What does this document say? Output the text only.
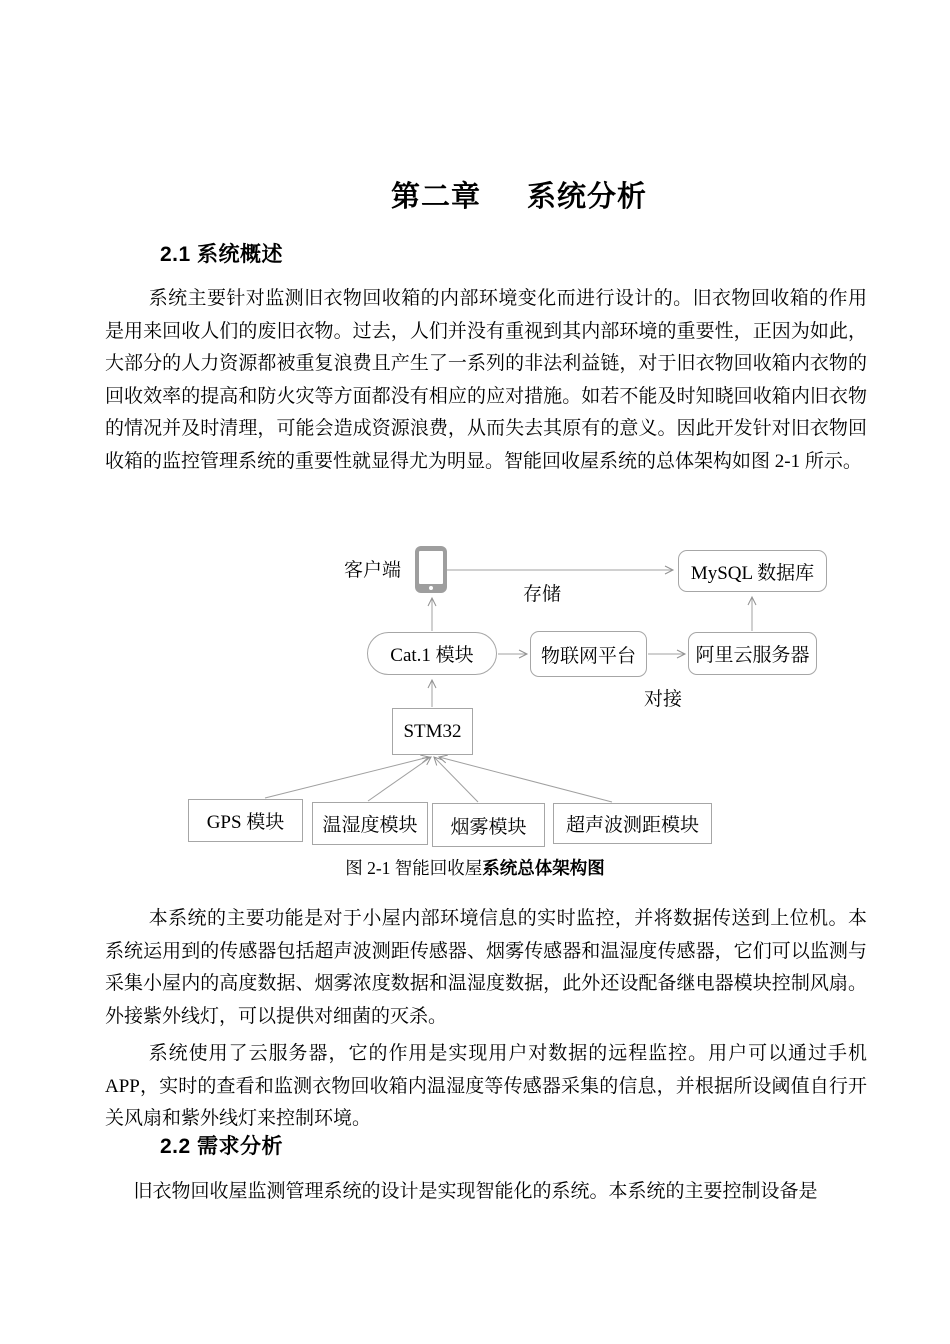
第二章 系统分析
2.1 系统概述

系统主要针对监测旧衣物回收箱的内部环境变化而进行设计的。旧衣物回收箱的作用是用来回收人们的废旧衣物。过去，人们并没有重视到其内部环境的重要性，正因为如此，大部分的人力资源都被重复浪费且产生了一系列的非法利益链，对于旧衣物回收箱内衣物的回收效率的提高和防火灾等方面都没有相应的应对措施。如若不能及时知晓回收箱内旧衣物的情况并及时清理，可能会造成资源浪费，从而失去其原有的意义。因此开发针对旧衣物回收箱的监控管理系统的重要性就显得尤为明显。智能回收屋系统的总体架构如图 2-1 所示。

客户端	MySQL 数据库
Cat.1 模块	物联网平台	阿里云服务器
STM32
GPS 模块	温湿度模块	烟雾模块	超声波测距模块
存储
对接
图 2-1 智能回收屋系统总体架构图

本系统的主要功能是对于小屋内部环境信息的实时监控，并将数据传送到上位机。本系统运用到的传感器包括超声波测距传感器、烟雾传感器和温湿度传感器，它们可以监测与采集小屋内的高度数据、烟雾浓度数据和温湿度数据，此外还设配备继电器模块控制风扇。外接紫外线灯，可以提供对细菌的灭杀。

系统使用了云服务器，它的作用是实现用户对数据的远程监控。用户可以通过手机APP，实时的查看和监测衣物回收箱内温湿度等传感器采集的信息，并根据所设阈值自行开关风扇和紫外线灯来控制环境。

2.2 需求分析

旧衣物回收屋监测管理系统的设计是实现智能化的系统。本系统的主要控制设备是
